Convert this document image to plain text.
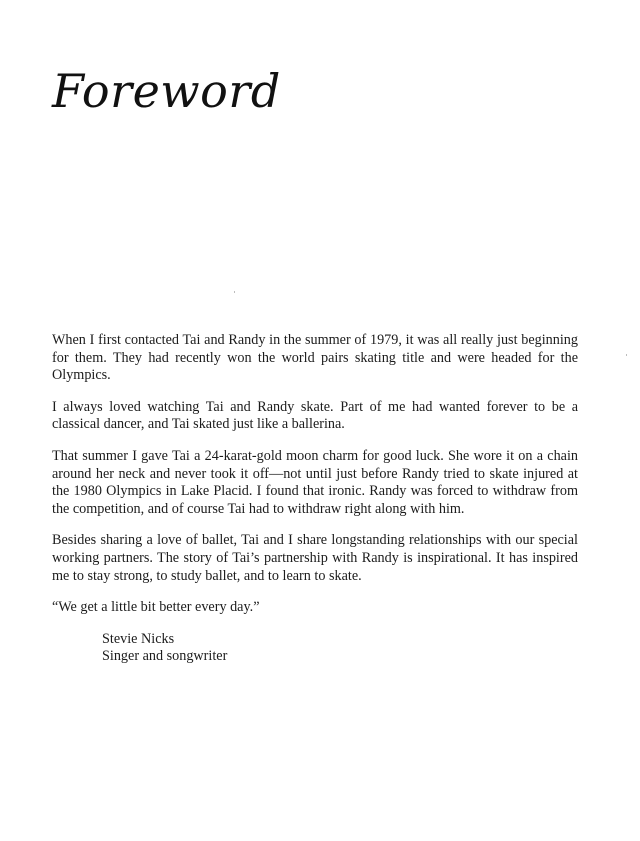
Foreword

When I first contacted Tai and Randy in the summer of 1979, it was all really just beginning for them. They had recently won the world pairs skating title and were headed for the Olympics.

I always loved watching Tai and Randy skate. Part of me had wanted forever to be a classical dancer, and Tai skated just like a ballerina.

That summer I gave Tai a 24-karat-gold moon charm for good luck. She wore it on a chain around her neck and never took it off—not until just before Randy tried to skate injured at the 1980 Olympics in Lake Placid. I found that ironic. Randy was forced to withdraw from the competition, and of course Tai had to withdraw right along with him.

Besides sharing a love of ballet, Tai and I share longstanding relationships with our special working partners. The story of Tai’s partnership with Randy is inspirational. It has inspired me to stay strong, to study ballet, and to learn to skate.

“We get a little bit better every day.”
Stevie Nicks
Singer and songwriter
